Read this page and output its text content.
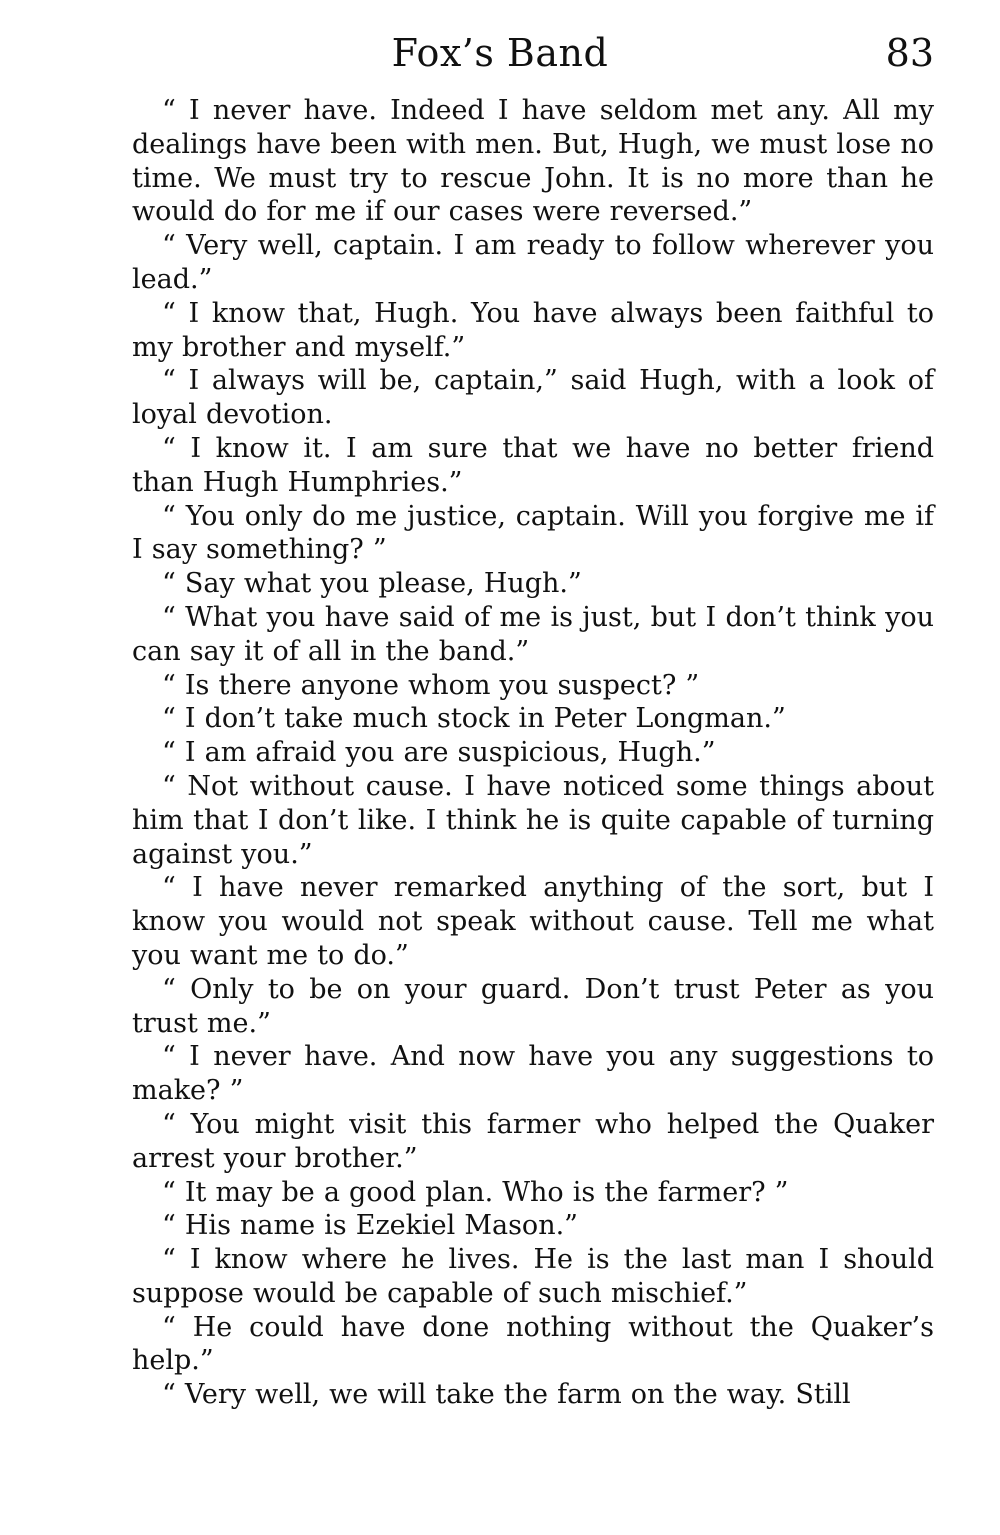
Fox’s Band	83

“ I never have. Indeed I have seldom met any. All my dealings have been with men. But, Hugh, we must lose no time. We must try to rescue John. It is no more than he would do for me if our cases were reversed.”

“ Very well, captain. I am ready to follow wherever you lead.”

“ I know that, Hugh. You have always been faithful to my brother and myself.”

“ I always will be, captain,” said Hugh, with a look of loyal devotion.

“ I know it. I am sure that we have no better friend than Hugh Humphries.”

“ You only do me justice, captain. Will you forgive me if I say something? ”

“ Say what you please, Hugh.”

“ What you have said of me is just, but I don’t think you can say it of all in the band.”

“ Is there anyone whom you suspect? ”

“ I don’t take much stock in Peter Longman.”

“ I am afraid you are suspicious, Hugh.”

“ Not without cause. I have noticed some things about him that I don’t like. I think he is quite capable of turning against you.”

“ I have never remarked anything of the sort, but I know you would not speak without cause. Tell me what you want me to do.”

“ Only to be on your guard. Don’t trust Peter as you trust me.”

“ I never have. And now have you any suggestions to make? ”

“ You might visit this farmer who helped the Quaker arrest your brother.”

“ It may be a good plan. Who is the farmer? ”

“ His name is Ezekiel Mason.”

“ I know where he lives. He is the last man I should suppose would be capable of such mischief.”

“ He could have done nothing without the Quaker’s help.”

“ Very well, we will take the farm on the way. Still
